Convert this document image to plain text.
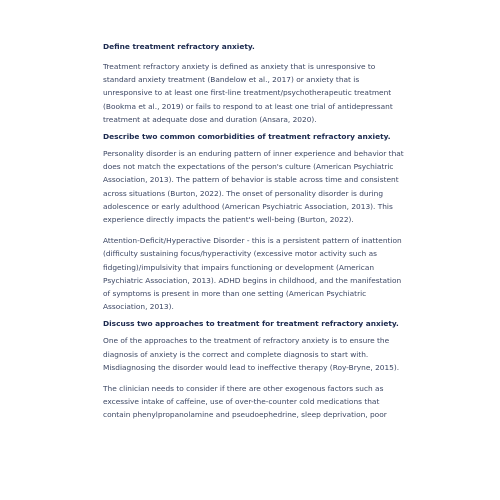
Define treatment refractory anxiety.

Treatment refractory anxiety is defined as anxiety that is unresponsive to standard anxiety treatment (Bandelow et al., 2017) or anxiety that is unresponsive to at least one first-line treatment/psychotherapeutic treatment (Bookma et al., 2019) or fails to respond to at least one trial of antidepressant treatment at adequate dose and duration (Ansara, 2020).

Describe two common comorbidities of treatment refractory anxiety.

Personality disorder is an enduring pattern of inner experience and behavior that does not match the expectations of the person's culture (American Psychiatric Association, 2013). The pattern of behavior is stable across time and consistent across situations (Burton, 2022). The onset of personality disorder is during adolescence or early adulthood (American Psychiatric Association, 2013). This experience directly impacts the patient's well-being (Burton, 2022).

Attention-Deficit/Hyperactive Disorder - this is a persistent pattern of inattention (difficulty sustaining focus/hyperactivity (excessive motor activity such as fidgeting)/impulsivity that impairs functioning or development (American Psychiatric Association, 2013). ADHD begins in childhood, and the manifestation of symptoms is present in more than one setting (American Psychiatric Association, 2013).

Discuss two approaches to treatment for treatment refractory anxiety.

One of the approaches to the treatment of refractory anxiety is to ensure the diagnosis of anxiety is the correct and complete diagnosis to start with. Misdiagnosing the disorder would lead to ineffective therapy (Roy-Bryne, 2015).

The clinician needs to consider if there are other exogenous factors such as excessive intake of caffeine, use of over-the-counter cold medications that contain phenylpropanolamine and pseudoephedrine, sleep deprivation, poor
